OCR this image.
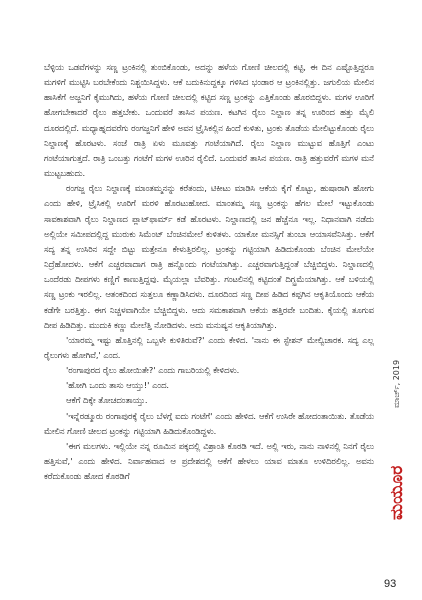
ಬೆಳ್ಳಿಯ ಒಡವೆಗಳನ್ನು ಸಣ್ಣ ಟ್ರಂಕಿನಲ್ಲಿ ತುಂಬಿಕೊಂಡು, ಅದನ್ನು ಹಳೆಯ ಗೋಣಿ ಚೀಲದಲ್ಲಿ ಕಟ್ಟಿ, ಈ ದಿನ ಎಷ್ಟೊತ್ತಿದ್ದರೂ ಮಗಳಿಗೆ ಮುಟ್ಟಿಸಿ ಬರಬೇಕೆಂದು ನಿಶ್ಚಯಿಸಿದ್ದಳು. ಆಕೆ ಬದುಕಿನುದ್ದಕ್ಕೂ ಗಳಿಸಿದ ಭಂಡಾರ ಆ ಟ್ರಂಕಿನಲ್ಲಿತ್ತು. ಜಗುಲಿಯ ಮೇಲಿನ ಹಾಸಿಕೆಗೆ ಅಜ್ಜನಿಗೆ ಕೈಮುಗಿದು, ಹಳೆಯ ಗೋಣಿ ಚೀಲದಲ್ಲಿ ಕಟ್ಟಿದ ಸಣ್ಣ ಟ್ರಂಕನ್ನು ಎತ್ತಿಕೊಂಡು ಹೊರಬಿದ್ದಳು. ಮಗಳ ಊರಿಗೆ ಹೋಗಬೇಕಾದರೆ ರೈಲು ಹತ್ತಬೇಕು. ಒಂದುವರೆ ತಾಸಿನ ಪಯಣ. ಕಟಗಿನ ರೈಲು ನಿಲ್ದಾಣ ತನ್ನ ಊರಿಂದ ಹತ್ತು ಮೈಲಿ ದೂರದಲ್ಲಿದೆ. ಮಧ್ಯಾಹ್ನದವರೆಗು ರಂಗಜ್ಜನಿಗೆ ಹೇಳಿ ಅವನ ಟ್ರೈಸಿಕಲ್ಲಿನ ಹಿಂದೆ ಕುಳಿತು, ಟ್ರಂಕು ತೊಡೆಯ ಮೇಲಿಟ್ಟುಕೊಂಡು ರೈಲು ನಿಲ್ದಾಣಕ್ಕೆ ಹೊರಟಳು. ಸಂಜೆ ರಾತ್ರಿ ಏಳು ಮೂವತ್ತು ಗಂಟೆಯಾಗಿದೆ. ರೈಲು ನಿಲ್ದಾಣ ಮುಟ್ಟುವ ಹೊತ್ತಿಗೆ ಎಂಟು ಗಂಟೆಯಾಗುತ್ತದೆ. ರಾತ್ರಿ ಒಂಬತ್ತು ಗಂಟೆಗೆ ಮಗಳ ಊರಿನ ರೈಲಿದೆ. ಒಂದುವರೆ ತಾಸಿನ ಪಯಣ. ರಾತ್ರಿ ಹತ್ತುವರೆಗೆ ಮಗಳ ಮನೆ ಮುಟ್ಟಬಹುದು.

ರಂಗಜ್ಜ ರೈಲು ನಿಲ್ದಾಣಕ್ಕೆ ಮಾಂತಮ್ಮನನ್ನು ಕರೆತಂದು, ಟಿಕೀಟು ಮಾಡಿಸಿ ಆಕೆಯ ಕೈಗೆ ಕೊಟ್ಟು, ಹುಷಾರಾಗಿ ಹೋಗು ಎಂದು ಹೇಳಿ, ಟ್ರೈಸಿಕಲ್ಲಿ ಊರಿಗೆ ಮರಳಿ ಹೊರಟುಹೋದ. ಮಾಂತಮ್ಮ ಸಣ್ಣ ಟ್ರಂಕನ್ನು ಹೆಗಲ ಮೇಲೆ ಇಟ್ಟುಕೊಂಡು ಸಾವಕಾಶವಾಗಿ ರೈಲು ನಿಲ್ದಾಣದ ಪ್ಲಾಟ್‌ಫಾರ್ಮ್ ಕಡೆ ಹೊರಟಳು. ನಿಲ್ದಾಣದಲ್ಲಿ ಜನ ಹೆಚ್ಚೆನೂ ಇಲ್ಲ. ನಿಧಾನವಾಗಿ ನಡೆದು ಅಲ್ಲಿಯೇ ಸಮೀಪದಲ್ಲಿದ್ದ ಮುರುಕು ಸಿಮೆಂಟ್ ಬೆಂಚಿನಮೇಲೆ ಕುಳಿತಳು. ಯಾಕೋ ಮನಸ್ಸಿಗೆ ತುಂಬಾ ಆಯಾಸವೆನಿಸಿತ್ತು. ಆಕೆಗೆ ಸದ್ಯ ತನ್ನ ಉಸಿರಿನ ಸದ್ದೇ ಬಿಟ್ಟು ಮತ್ತೇನೂ ಕೇಳುತ್ತಿರಲಿಲ್ಲ. ಟ್ರಂಕನ್ನು ಗಟ್ಟಿಯಾಗಿ ಹಿಡಿದುಕೊಂಡು ಬೆಂಚಿನ ಮೇಲೆಯೇ ನಿದ್ರೆಹೋದಳು. ಆಕೆಗೆ ಎಚ್ಚರವಾದಾಗ ರಾತ್ರಿ ಹನ್ನೊಂದು ಗಂಟೆಯಾಗಿತ್ತು. ಎಚ್ಚರವಾಗುತ್ತಿದ್ದಂತೆ ಬೆಚ್ಚಿಬಿದ್ದಳು. ನಿಲ್ದಾಣದಲ್ಲಿ ಒಂದೆರಡು ದೀಪಗಳು ಕಣ್ಣಿಗೆ ಕಾಣುತ್ತಿದ್ದವು. ಮೈಯಲ್ಲಾ ಬೆವರಿತ್ತು. ಗಂಟಲಿನಲ್ಲಿ ಕಟ್ಟಿದಂತೆ ದಿಗ್ಭ್ರಮೆಯಾಗಿತ್ತು. ಆಕೆ ಬಳಿಯಲ್ಲಿ ಸಣ್ಣ ಟ್ರಂಕು ಇರಲಿಲ್ಲ. ಆತಂಕದಿಂದ ಸುತ್ತಲೂ ಕಣ್ಣಾಡಿಸಿದಳು. ದೂರದಿಂದ ಸಣ್ಣ ದೀಪ ಹಿಡಿದ ಕಪ್ಪಗಿನ ಆಕೃತಿಯೊಂದು ಆಕೆಯ ಕಡೆಗೇ ಬರತ್ತಿತ್ತು. ಈಗ ನಿಚ್ಚಳವಾಗಿಯೇ ಬೆಚ್ಚಿಬಿದ್ದಳು. ಆದು ಸಮಕಾಶವಾಗಿ ಆಕೆಯ ಹತ್ತಿರವೇ ಬಂದಿತು. ಕೈಯಲ್ಲಿ ತೂಗುವ ದೀಪ ಹಿಡಿದಿತ್ತು. ಮುದುಕಿ ಕಣ್ಣು ಮೇಲೆತ್ತಿ ನೋಡಿದಳು. ಅದು ಮನುಷ್ಯನ ಆಕೃತಿಯಾಗಿತ್ತು.

'ಯಾರಮ್ಮ ಇಷ್ಟು ಹೊತ್ತಿನಲ್ಲಿ ಒಬ್ಬಳೇ ಕುಳಿತಿರುವೆ?' ಎಂದು ಕೇಳಿದ. 'ನಾನು ಈ ಸ್ಟೇಶನ್ ಮೇಲ್ವಿಚಾರಕ. ಸದ್ಯ ಎಲ್ಲ ರೈಲುಗಳು ಹೋಗಿವೆ,' ಎಂದ.

'ರಂಗಾಪುರದ ರೈಲು ಹೋಯಿತೇ?' ಎಂದು ಗಾಬರಿಯಲ್ಲಿ ಕೇಳಿದಳು.

'ಹೋಗಿ ಒಂದು ತಾಸು ಆಯ್ತು!' ಎಂದ.

ಆಕೆಗೆ ದಿಕ್ಕೇ ತೋಚದಂತಾಯ್ತು.

'ಇನ್ನೆರಡ್ಮೂರು ರಂಗಾಪುರಕ್ಕೆ ರೈಲು ಬೆಳಗ್ಗೆ ಐದು ಗಂಟೆಗೆ' ಎಂದು ಹೇಳಿದ. ಆಕೆಗೆ ಉಸಿರೇ ಹೋದಂತಾಯಿತು. ತೊಡೆಯ ಮೇಲಿನ ಗೋಣಿ ಚೀಲದ ಟ್ರಂಕನ್ನು ಗಟ್ಟಿಯಾಗಿ ಹಿಡಿದುಕೊಂಡಿದ್ದಳು.

'ಈಗ ಮಲಗಳು. ಇಲ್ಲಿಯೇ ನನ್ನ ರೂಮಿನ ಪಕ್ಕದಲ್ಲಿ ವಿಶ್ರಾಂತಿ ಕೊಠಡಿ ಇದೆ. ಅಲ್ಲಿ ಇರು, ನಾನು ನಾಳಿನಲ್ಲಿ ನಿನಗೆ ರೈಲು ಹತ್ತಿಸುವೆ,' ಎಂದು ಹೇಳಿದ. ನಿರ್ವಾಹವಾದ ಆ ಪ್ರದೇಶದಲ್ಲಿ ಆಕೆಗೆ ಹೇಳಲು ಯಾವ ಮಾತೂ ಉಳಿದಿರಲಿಲ್ಲ. ಅವನು ಕರೆದುಕೊಂಡು ಹೋದ ಕೊಠಡಿಗೆ

ಮಾರ್ಚ್, 2019
ಮಯೂರ
93
